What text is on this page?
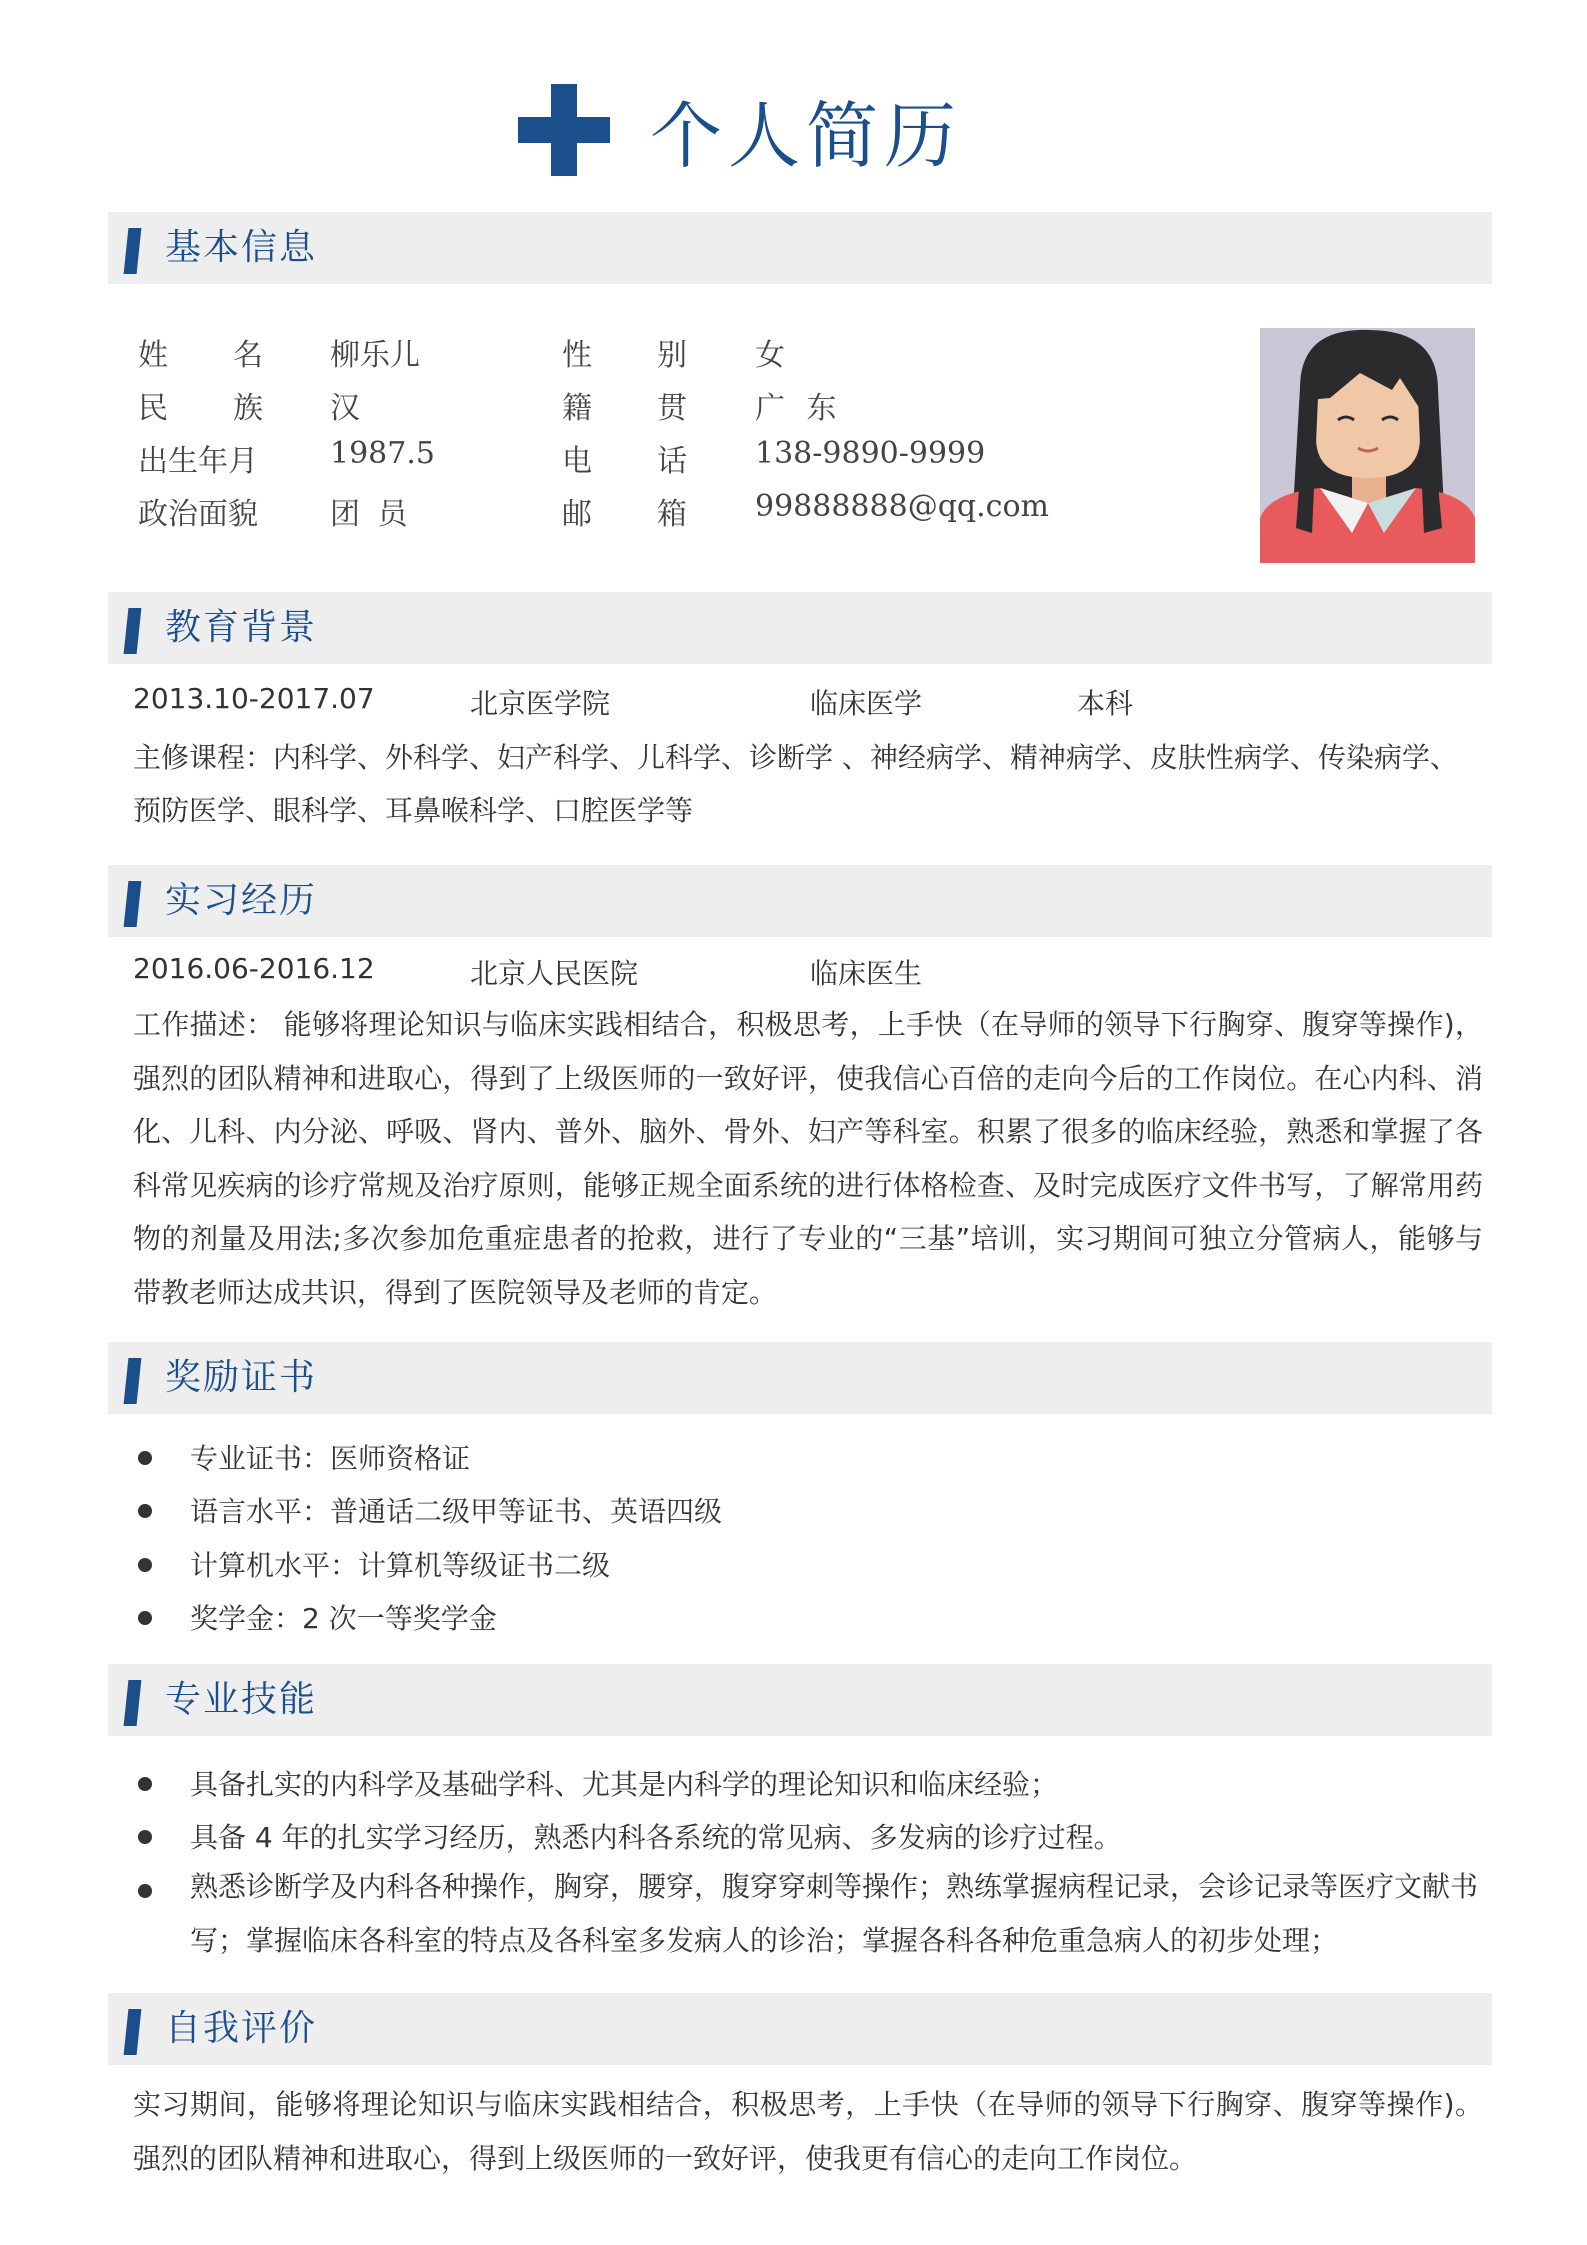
个人简历
基本信息
姓 名 柳乐儿	性 别 女
民 族 汉	籍 贯 广 东
出生年月 1987.5	电 话 138-9890-9999
政治面貌 团 员	邮 箱 99888888@qq.com
教育背景
2013.10-2017.07	北京医学院	临床医学	本科
主修课程：内科学、外科学、妇产科学、儿科学、诊断学 、神经病学、精神病学、皮肤性病学、传染病学、
预防医学、眼科学、耳鼻喉科学、口腔医学等
实习经历
2016.06-2016.12	北京人民医院	临床医生
工作描述： 能够将理论知识与临床实践相结合，积极思考，上手快（在导师的领导下行胸穿、腹穿等操作)，强烈的团队精神和进取心，得到了上级医师的一致好评，使我信心百倍的走向今后的工作岗位。在心内科、消化、儿科、内分泌、呼吸、肾内、普外、脑外、骨外、妇产等科室。积累了很多的临床经验，熟悉和掌握了各科常见疾病的诊疗常规及治疗原则，能够正规全面系统的进行体格检查、及时完成医疗文件书写，了解常用药物的剂量及用法;多次参加危重症患者的抢救，进行了专业的“三基”培训，实习期间可独立分管病人，能够与带教老师达成共识，得到了医院领导及老师的肯定。
奖励证书
专业证书：医师资格证
语言水平：普通话二级甲等证书、英语四级
计算机水平：计算机等级证书二级
奖学金：2 次一等奖学金
专业技能
具备扎实的内科学及基础学科、尤其是内科学的理论知识和临床经验；
具备 4 年的扎实学习经历，熟悉内科各系统的常见病、多发病的诊疗过程。
熟悉诊断学及内科各种操作，胸穿，腰穿，腹穿穿刺等操作；熟练掌握病程记录，会诊记录等医疗文献书写；掌握临床各科室的特点及各科室多发病人的诊治；掌握各科各种危重急病人的初步处理；
自我评价
实习期间，能够将理论知识与临床实践相结合，积极思考，上手快（在导师的领导下行胸穿、腹穿等操作)。强烈的团队精神和进取心，得到上级医师的一致好评，使我更有信心的走向工作岗位。
